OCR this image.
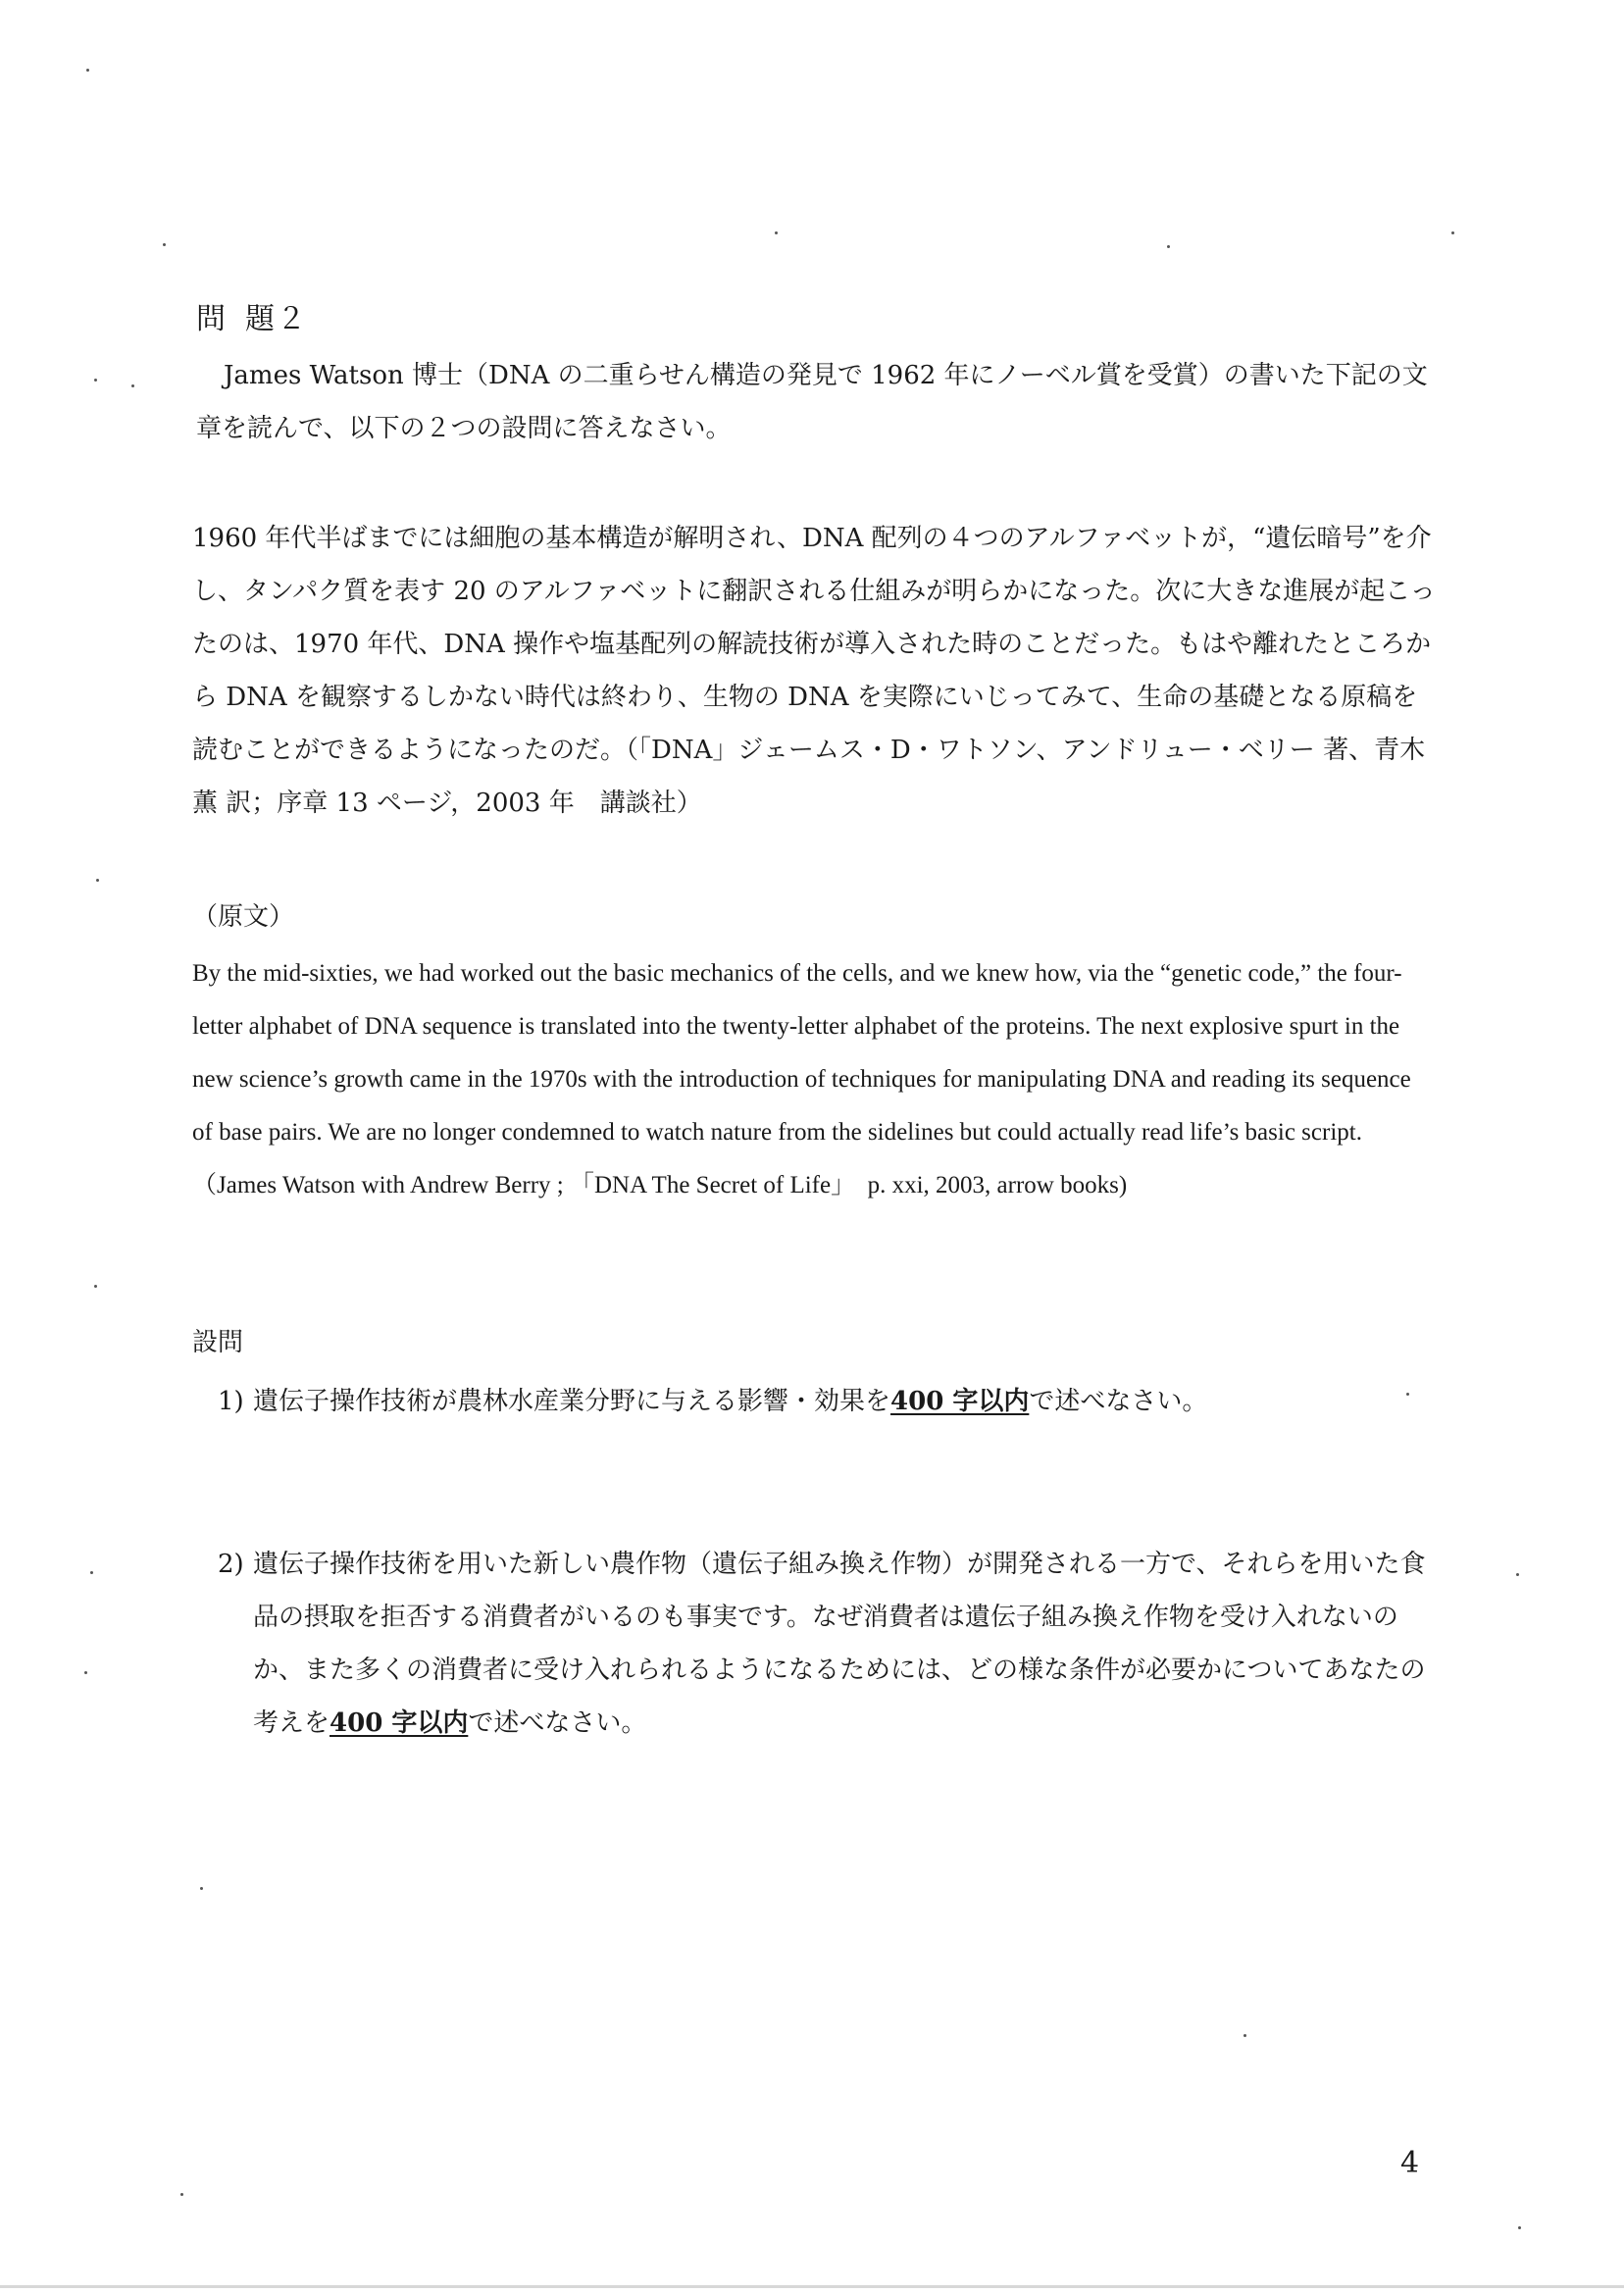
問 題２
James Watson 博士（DNA の二重らせん構造の発見で 1962 年にノーベル賞を受賞）の書いた下記の文章を読んで、以下の２つの設問に答えなさい。
1960 年代半ばまでには細胞の基本構造が解明され、DNA 配列の４つのアルファベットが，“遺伝暗号”を介し、タンパク質を表す 20 のアルファベットに翻訳される仕組みが明らかになった。次に大きな進展が起こったのは、1970 年代、DNA 操作や塩基配列の解読技術が導入された時のことだった。もはや離れたところから DNA を観察するしかない時代は終わり、生物の DNA を実際にいじってみて、生命の基礎となる原稿を読むことができるようになったのだ。（「DNA」ジェームス・D・ワトソン、アンドリュー・ベリー 著、青木薫 訳；序章 13 ページ，2003 年　講談社）
（原文）
By the mid-sixties, we had worked out the basic mechanics of the cells, and we knew how, via the “genetic code,” the four-letter alphabet of DNA sequence is translated into the twenty-letter alphabet of the proteins. The next explosive spurt in the new science’s growth came in the 1970s with the introduction of techniques for manipulating DNA and reading its sequence of base pairs. We are no longer condemned to watch nature from the sidelines but could actually read life’s basic script.（James Watson with Andrew Berry ; 「DNA The Secret of Life」　p. xxi, 2003, arrow books)
設問
1) 遺伝子操作技術が農林水産業分野に与える影響・効果を400 字以内で述べなさい。
2) 遺伝子操作技術を用いた新しい農作物（遺伝子組み換え作物）が開発される一方で、それらを用いた食品の摂取を拒否する消費者がいるのも事実です。なぜ消費者は遺伝子組み換え作物を受け入れないのか、また多くの消費者に受け入れられるようになるためには、どの様な条件が必要かについてあなたの考えを400 字以内で述べなさい。
4
